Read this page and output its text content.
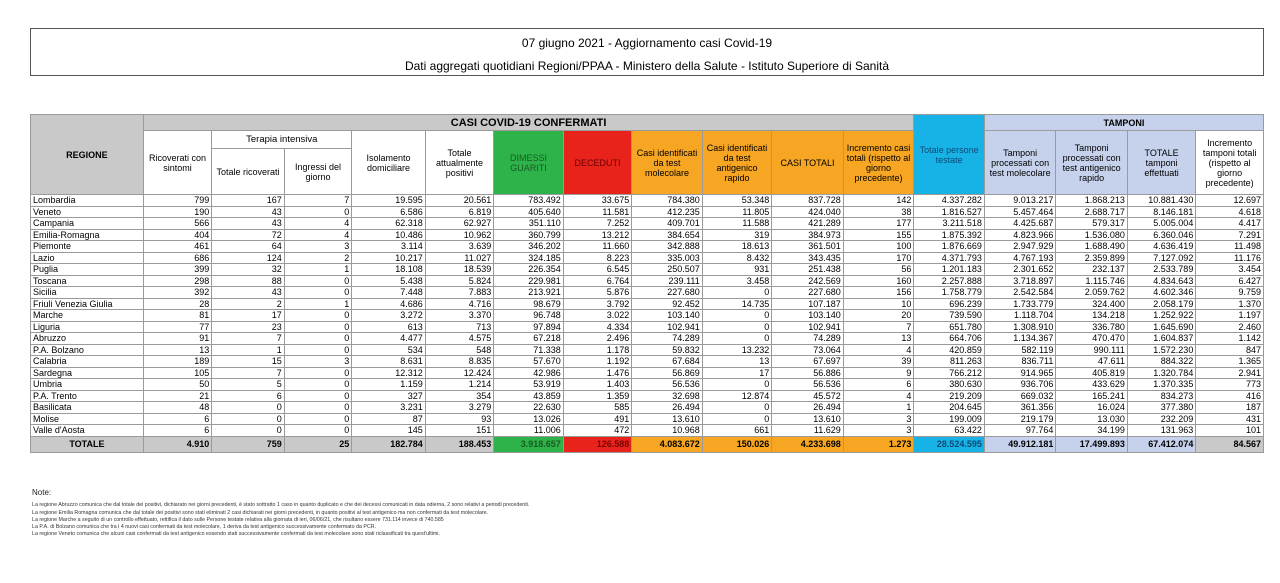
07 giugno 2021 - Aggiornamento casi Covid-19
Dati aggregati quotidiani Regioni/PPAA - Ministero della Salute - Istituto Superiore di Sanità
REGIONE	CASI COVID-19 CONFERMATI											Totale persone testate	TAMPONI			
	Ricoverati con sintomi	Terapia intensiva		Isolamento domiciliare	Totale attualmente positivi	DIMESSI GUARITI	DECEDUTI	Casi identificati da test molecolare	Casi identificati da test antigenico rapido	CASI TOTALI	Incremento casi totali (rispetto al giorno precedente)		Tamponi processati con test molecolare	Tamponi processati con test antigenico rapido	TOTALE tamponi effettuati	Incremento tamponi totali (rispetto al giorno precedente)
		Totale ricoverati	Ingressi del giorno													
Lombardia	799	167	7	19.595	20.561	783.492	33.675	784.380	53.348	837.728	142	4.337.282	9.013.217	1.868.213	10.881.430	12.697
Veneto	190	43	0	6.586	6.819	405.640	11.581	412.235	11.805	424.040	38	1.816.527	5.457.464	2.688.717	8.146.181	4.618
Campania	566	43	4	62.318	62.927	351.110	7.252	409.701	11.588	421.289	177	3.211.518	4.425.687	579.317	5.005.004	4.417
Emilia-Romagna	404	72	4	10.486	10.962	360.799	13.212	384.654	319	384.973	155	1.875.392	4.823.966	1.536.080	6.360.046	7.291
Piemonte	461	64	3	3.114	3.639	346.202	11.660	342.888	18.613	361.501	100	1.876.669	2.947.929	1.688.490	4.636.419	11.498
Lazio	686	124	2	10.217	11.027	324.185	8.223	335.003	8.432	343.435	170	4.371.793	4.767.193	2.359.899	7.127.092	11.176
Puglia	399	32	1	18.108	18.539	226.354	6.545	250.507	931	251.438	56	1.201.183	2.301.652	232.137	2.533.789	3.454
Toscana	298	88	0	5.438	5.824	229.981	6.764	239.111	3.458	242.569	160	2.257.888	3.718.897	1.115.746	4.834.643	6.427
Sicilia	392	43	0	7.448	7.883	213.921	5.876	227.680	0	227.680	156	1.758.779	2.542.584	2.059.762	4.602.346	9.759
Friuli Venezia Giulia	28	2	1	4.686	4.716	98.679	3.792	92.452	14.735	107.187	10	696.239	1.733.779	324.400	2.058.179	1.370
Marche	81	17	0	3.272	3.370	96.748	3.022	103.140	0	103.140	20	739.590	1.118.704	134.218	1.252.922	1.197
Liguria	77	23	0	613	713	97.894	4.334	102.941	0	102.941	7	651.780	1.308.910	336.780	1.645.690	2.460
Abruzzo	91	7	0	4.477	4.575	67.218	2.496	74.289	0	74.289	13	664.706	1.134.367	470.470	1.604.837	1.142
P.A. Bolzano	13	1	0	534	548	71.338	1.178	59.832	13.232	73.064	4	420.859	582.119	990.111	1.572.230	847
Calabria	189	15	3	8.631	8.835	57.670	1.192	67.684	13	67.697	39	811.263	836.711	47.611	884.322	1.365
Sardegna	105	7	0	12.312	12.424	42.986	1.476	56.869	17	56.886	9	766.212	914.965	405.819	1.320.784	2.941
Umbria	50	5	0	1.159	1.214	53.919	1.403	56.536	0	56.536	6	380.630	936.706	433.629	1.370.335	773
P.A. Trento	21	6	0	327	354	43.859	1.359	32.698	12.874	45.572	4	219.209	669.032	165.241	834.273	416
Basilicata	48	0	0	3.231	3.279	22.630	585	26.494	0	26.494	1	204.645	361.356	16.024	377.380	187
Molise	6	0	0	87	93	13.026	491	13.610	0	13.610	3	199.009	219.179	13.030	232.209	431
Valle d'Aosta	6	0	0	145	151	11.006	472	10.968	661	11.629	3	63.422	97.764	34.199	131.963	101
TOTALE	4.910	759	25	182.784	188.453	3.918.657	126.588	4.083.672	150.026	4.233.698	1.273	28.524.595	49.912.181	17.499.893	67.412.074	84.567
Note:
La regione Abruzzo comunica che dal totale dei positivi, dichiarato nei giorni precedenti, è stato sottratto 1 caso in quanto duplicato e che dei decessi comunicati in data odierna, 2 sono relativi a periodi precedenti.
La regione Emilia Romagna comunica che dal totale dei positivi sono stati eliminati 2 casi dichiarati nei giorni precedenti, in quanto positivi al test antigenico ma non confermati da test molecolare.
La regione Marche a seguito di un controllo effettuato, rettifica il dato sulle Persone testate relativa alla giornata di ieri, 06/06/21, che risultano essere 731.114 invece di 740.585
La P.A. di Bolzano comunica che tra i 4 nuovi casi confermati da test molecolare, 1 deriva da test antigenico successivamente confermato da PCR.
La regione Veneto comunica che alcuni casi confermati da test antigenico essendo stati successivamente confermati da test molecolare sono stati riclassificati tra quest'ultimi.
